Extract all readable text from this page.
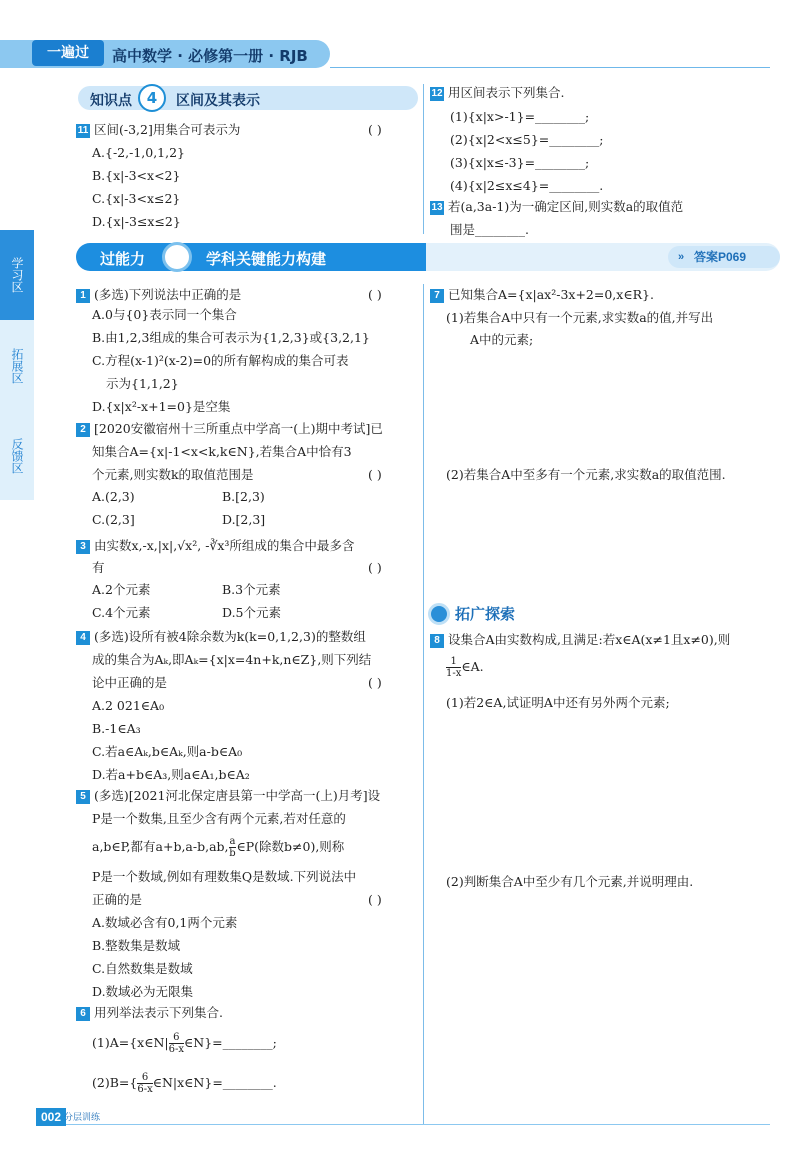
一遍过	高中数学 · 必修第一册 · RJB
学习区
拓展区
反馈区
知识点 4	区间及其表示
11 区间(-3,2]用集合可表示为	( )
A.{-2,-1,0,1,2}
B.{x|-3<x<2}
C.{x|-3<x≤2}
D.{x|-3≤x≤2}
12 用区间表示下列集合.
(1){x|x>-1}=________;
(2){x|2<x≤5}=________;
(3){x|x≤-3}=________;
(4){x|2≤x≤4}=________.
13 若(a,3a-1)为一确定区间,则实数a的取值范
围是________.
过能力	学科关键能力构建	» 答案P069
1 (多选)下列说法中正确的是	( )
A.0与{0}表示同一个集合
B.由1,2,3组成的集合可表示为{1,2,3}或{3,2,1}
C.方程(x-1)²(x-2)=0的所有解构成的集合可表
示为{1,1,2}
D.{x|x²-x+1=0}是空集
2 [2020安徽宿州十三所重点中学高一(上)期中考试]已
知集合A={x|-1<x<k,k∈N},若集合A中恰有3
个元素,则实数k的取值范围是	( )
A.(2,3)	B.[2,3)
C.(2,3]	D.[2,3]
3 由实数x,-x,|x|,√x², -∛x³所组成的集合中最多含
有	( )
A.2个元素	B.3个元素
C.4个元素	D.5个元素
4 (多选)设所有被4除余数为k(k=0,1,2,3)的整数组
成的集合为Aₖ,即Aₖ={x|x=4n+k,n∈Z},则下列结
论中正确的是	( )
A.2 021∈A₀
B.-1∈A₃
C.若a∈Aₖ,b∈Aₖ,则a-b∈A₀
D.若a+b∈A₃,则a∈A₁,b∈A₂
5 (多选)[2021河北保定唐县第一中学高一(上)月考]设
P是一个数集,且至少含有两个元素,若对任意的
a,b∈P,都有a+b,a-b,ab, $\frac{a}{b}$ ∈P(除数b≠0),则称
P是一个数域,例如有理数集Q是数域.下列说法中
正确的是	( )
A.数域必含有0,1两个元素
B.整数集是数域
C.自然数集是数域
D.数域必为无限集
6 用列举法表示下列集合.
(1)A={x∈N| $\frac{6}{6-x}$ ∈N}=________;
$(2)B=\{ \frac{6}{6-x}$ ∈N|x∈N}=________.
7 已知集合A={x|ax²-3x+2=0,x∈R}.
(1)若集合A中只有一个元素,求实数a的值,并写出
A中的元素;
(2)若集合A中至多有一个元素,求实数a的取值范围.
拓广探索
8 设集合A由实数构成,且满足:若x∈A(x≠1且x≠0),则
$\frac{1}{1-x}$ ∈A.
(1)若2∈A,试证明A中还有另外两个元素;
(2)判断集合A中至少有几个元素,并说明理由.
002 分层训练
